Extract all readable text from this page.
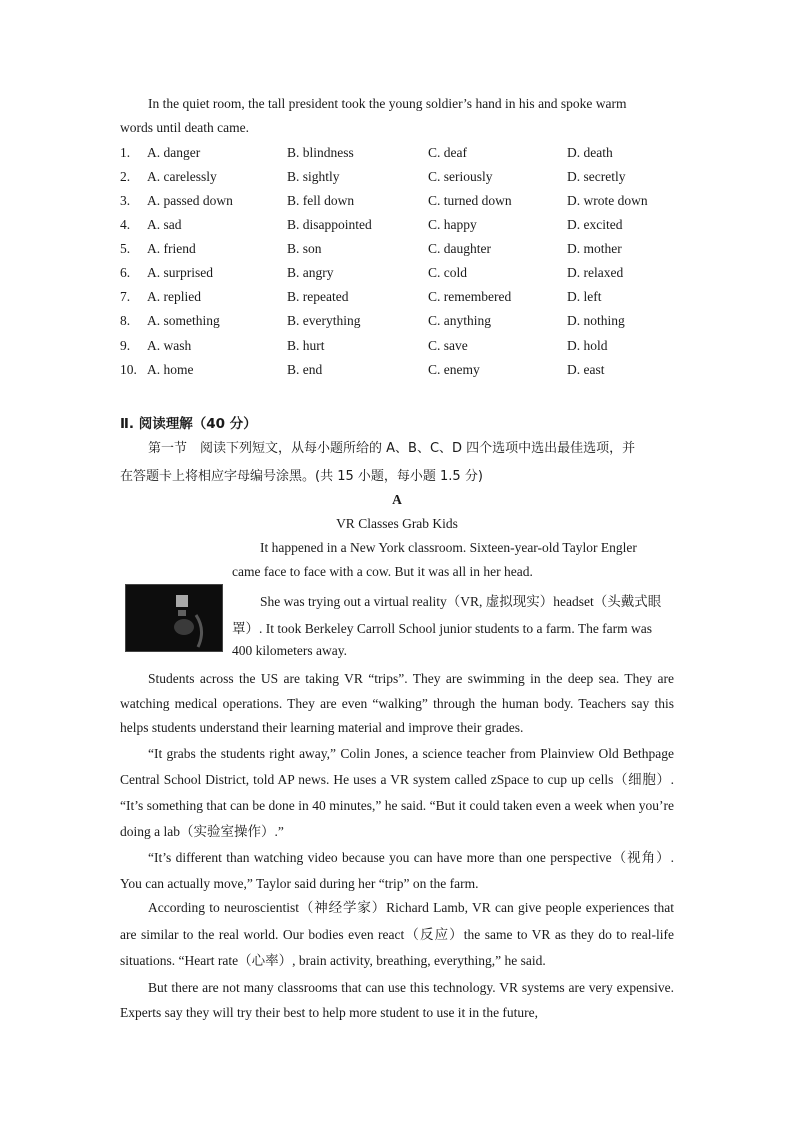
In the quiet room, the tall president took the young soldier’s hand in his and spoke warm
words until death came.
1. A. danger	B. blindness	C. deaf	D. death
2. A. carelessly	B. sightly	C. seriously	D. secretly
3. A. passed down	B. fell down	C. turned down	D. wrote down
4. A. sad	B. disappointed	C. happy	D. excited
5. A. friend	B. son	C. daughter	D. mother
6. A. surprised	B. angry	C. cold	D. relaxed
7. A. replied	B. repeated	C. remembered	D. left
8. A. something	B. everything	C. anything	D. nothing
9. A. wash	B. hurt	C. save	D. hold
10. A. home	B. end	C. enemy	D. east
Ⅱ. 阅读理解（40 分）
第一节　阅读下列短文，从每小题所给的 A、B、C、D 四个选项中选出最佳选项，并
在答题卡上将相应字母编号涂黑。(共 15 小题，每小题 1.5 分)
A
VR Classes Grab Kids
It happened in a New York classroom. Sixteen-year-old Taylor Engler
came face to face with a cow. But it was all in her head.
She was trying out a virtual reality（VR, 虚拟现实）headset（头戴式眼
罩）. It took Berkeley Carroll School junior students to a farm. The farm was
400 kilometers away.
Students across the US are taking VR “trips”. They are swimming in the deep sea. They are watching medical operations. They are even “walking” through the human body. Teachers say this helps students understand their learning material and improve their grades.
“It grabs the students right away,” Colin Jones, a science teacher from Plainview Old Bethpage Central School District, told AP news. He uses a VR system called zSpace to cup up cells（细胞）. “It’s something that can be done in 40 minutes,” he said. “But it could taken even a week when you’re doing a lab（实验室操作）.”
“It’s different than watching video because you can have more than one perspective（视角）. You can actually move,” Taylor said during her “trip” on the farm.
According to neuroscientist（神经学家）Richard Lamb, VR can give people experiences that are similar to the real world. Our bodies even react（反应）the same to VR as they do to real-life situations. “Heart rate（心率）, brain activity, breathing, everything,” he said.
But there are not many classrooms that can use this technology. VR systems are very expensive. Experts say they will try their best to help more student to use it in the future,
